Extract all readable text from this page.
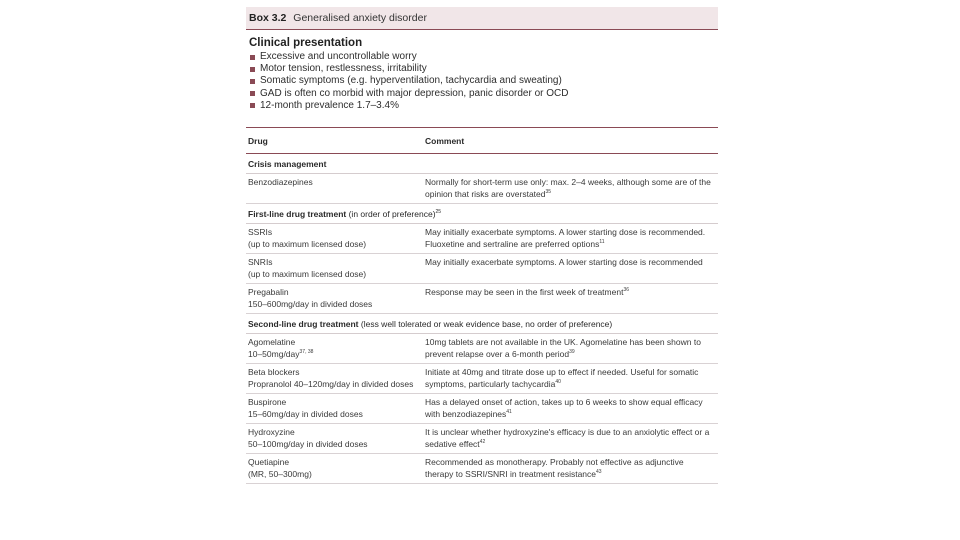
Box 3.2 Generalised anxiety disorder
Clinical presentation
Excessive and uncontrollable worry
Motor tension, restlessness, irritability
Somatic symptoms (e.g. hyperventilation, tachycardia and sweating)
GAD is often co morbid with major depression, panic disorder or OCD
12-month prevalence 1.7–3.4%
Drug	Comment
Crisis management
Benzodiazepines	Normally for short-term use only: max. 2–4 weeks, although some are of the opinion that risks are overstated$^{35}$
First-line drug treatment (in order of preference)$^{25}$
SSRIs
(up to maximum licensed dose)
May initially exacerbate symptoms. A lower starting dose is recommended. Fluoxetine and sertraline are preferred options$^{11}$
SNRIs
(up to maximum licensed dose)
May initially exacerbate symptoms. A lower starting dose is recommended
Pregabalin
150–600mg/day in divided doses
Response may be seen in the first week of treatment$^{36}$
Second-line drug treatment (less well tolerated or weak evidence base, no order of preference)
Agomelatine
10–50mg/day$^{37, 38}$
10mg tablets are not available in the UK. Agomelatine has been shown to prevent relapse over a 6-month period$^{39}$
Beta blockers
Propranolol 40–120mg/day in divided doses
Initiate at 40mg and titrate dose up to effect if needed. Useful for somatic symptoms, particularly tachycardia$^{40}$
Buspirone
15–60mg/day in divided doses
Has a delayed onset of action, takes up to 6 weeks to show equal efficacy with benzodiazepines$^{41}$
Hydroxyzine
50–100mg/day in divided doses
It is unclear whether hydroxyzine's efficacy is due to an anxiolytic effect or a sedative effect$^{42}$
Quetiapine
(MR, 50–300mg)
Recommended as monotherapy. Probably not effective as adjunctive therapy to SSRI/SNRI in treatment resistance$^{43}$
